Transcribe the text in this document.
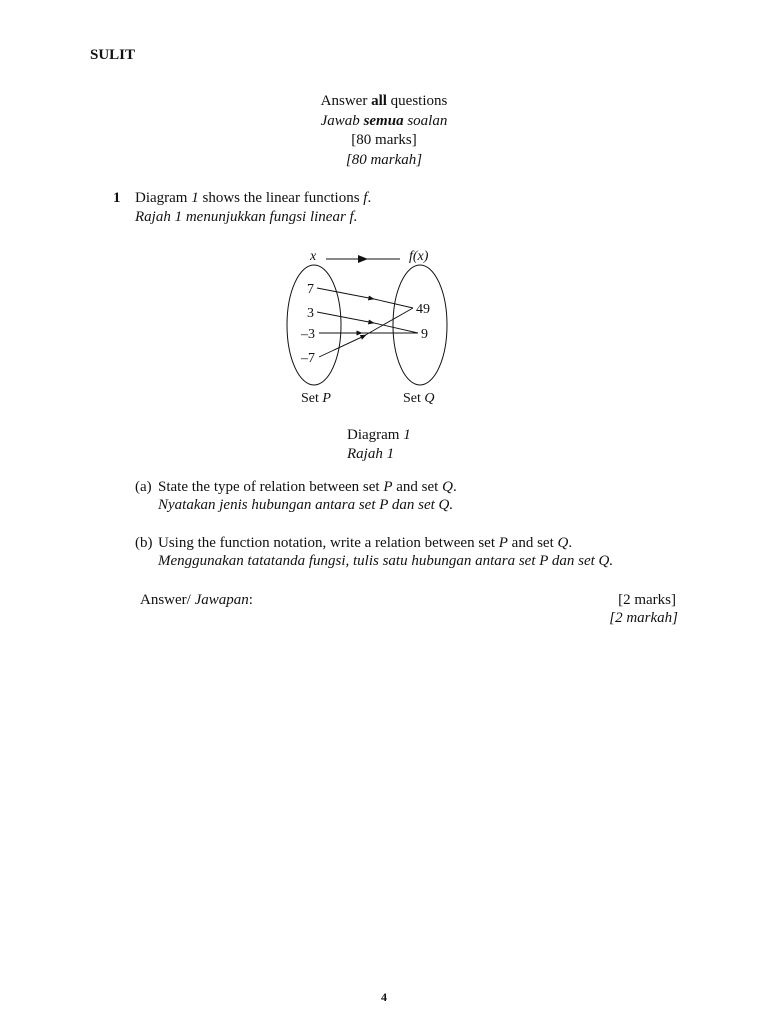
SULIT
Answer all questions
Jawab semua soalan
[80 marks]
[80 markah]
1 Diagram 1 shows the linear functions f.
Rajah 1 menunjukkan fungsi linear f.
x	f(x)
7
3
–3
–7
49
9
Set P	Set Q
Diagram 1
Rajah 1
(a) State the type of relation between set P and set Q.
Nyatakan jenis hubungan antara set P dan set Q.
(b) Using the function notation, write a relation between set P and set Q.
Menggunakan tatatanda fungsi, tulis satu hubungan antara set P dan set Q.
Answer/ Jawapan:	[2 marks]
[2 markah]
4
